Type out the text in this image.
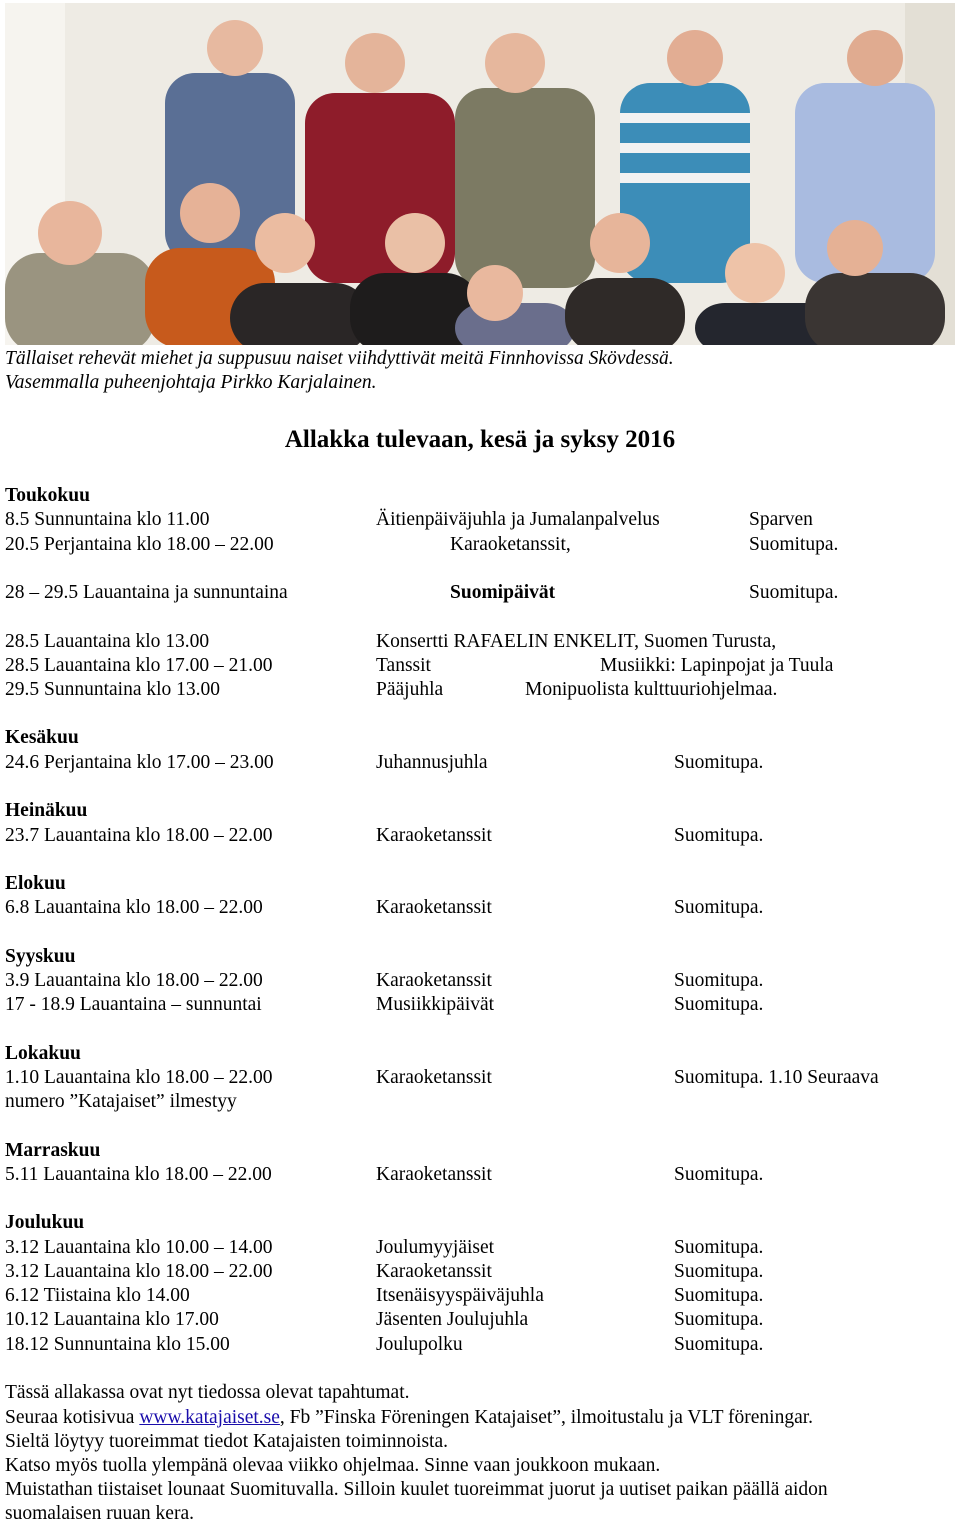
Tällaiset rehevät miehet ja suppusuu naiset viihdyttivät meitä Finnhovissa Skövdessä.
Vasemmalla puheenjohtaja Pirkko Karjalainen.
Allakka tulevaan, kesä ja syksy 2016
Toukokuu
8.5 Sunnuntaina klo 11.00	Äitienpäiväjuhla ja Jumalanpalvelus	Sparven
20.5 Perjantaina klo 18.00 – 22.00	Karaoketanssit,	Suomitupa.
28 – 29.5 Lauantaina ja sunnuntaina	Suomipäivät	Suomitupa.
28.5 Lauantaina klo 13.00	Konsertti RAFAELIN ENKELIT, Suomen Turusta,
28.5 Lauantaina klo 17.00 – 21.00	Tanssit	Musiikki: Lapinpojat ja Tuula
29.5 Sunnuntaina klo 13.00	Pääjuhla	Monipuolista kulttuuriohjelmaa.
Kesäkuu
24.6 Perjantaina klo 17.00 – 23.00	Juhannusjuhla	Suomitupa.
Heinäkuu
23.7 Lauantaina klo 18.00 – 22.00	Karaoketanssit	Suomitupa.
Elokuu
6.8 Lauantaina klo 18.00 – 22.00	Karaoketanssit	Suomitupa.
Syyskuu
3.9 Lauantaina klo 18.00 – 22.00	Karaoketanssit	Suomitupa.
17 - 18.9 Lauantaina – sunnuntai	Musiikkipäivät	Suomitupa.
Lokakuu
1.10 Lauantaina klo 18.00 – 22.00	Karaoketanssit	Suomitupa. 1.10 Seuraava
numero ”Katajaiset” ilmestyy
Marraskuu
5.11 Lauantaina klo 18.00 – 22.00	Karaoketanssit	Suomitupa.
Joulukuu
3.12 Lauantaina klo 10.00 – 14.00	Joulumyyjäiset	Suomitupa.
3.12 Lauantaina klo 18.00 – 22.00	Karaoketanssit	Suomitupa.
6.12 Tiistaina klo 14.00	Itsenäisyyspäiväjuhla	Suomitupa.
10.12 Lauantaina klo 17.00	Jäsenten Joulujuhla	Suomitupa.
18.12 Sunnuntaina klo 15.00	Joulupolku	Suomitupa.
Tässä allakassa ovat nyt tiedossa olevat tapahtumat.
Seuraa kotisivua www.katajaiset.se, Fb ”Finska Föreningen Katajaiset”, ilmoitustalu ja VLT föreningar.
Sieltä löytyy tuoreimmat tiedot Katajaisten toiminnoista.
Katso myös tuolla ylempänä olevaa viikko ohjelmaa. Sinne vaan joukkoon mukaan.
Muistathan tiistaiset lounaat Suomituvalla. Silloin kuulet tuoreimmat juorut ja uutiset paikan päällä aidon
suomalaisen ruuan kera.
